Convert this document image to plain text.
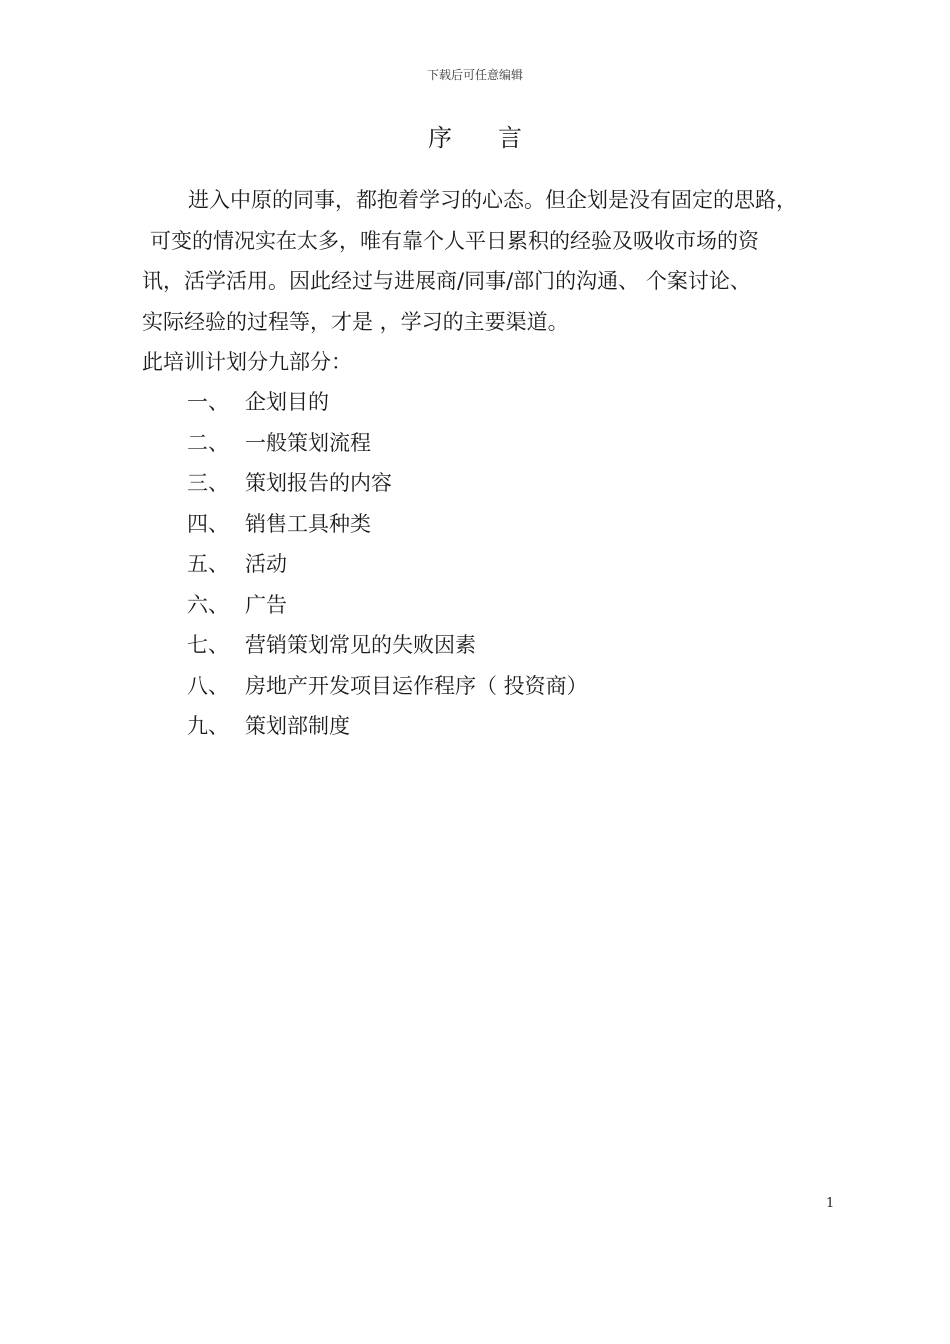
下载后可任意编辑
序 言
进入中原的同事，都抱着学习的心态。但企划是没有固定的思路，
可变的情况实在太多，唯有靠个人平日累积的经验及吸收市场的资
讯，活学活用。因此经过与进展商/同事/部门的沟通、 个案讨论、
实际经验的过程等，才是 ，学习的主要渠道。
此培训计划分九部分：
一、 企划目的
二、 一般策划流程
三、 策划报告的内容
四、 销售工具种类
五、 活动
六、 广告
七、 营销策划常见的失败因素
八、 房地产开发项目运作程序（ 投资商）
九、 策划部制度
1
